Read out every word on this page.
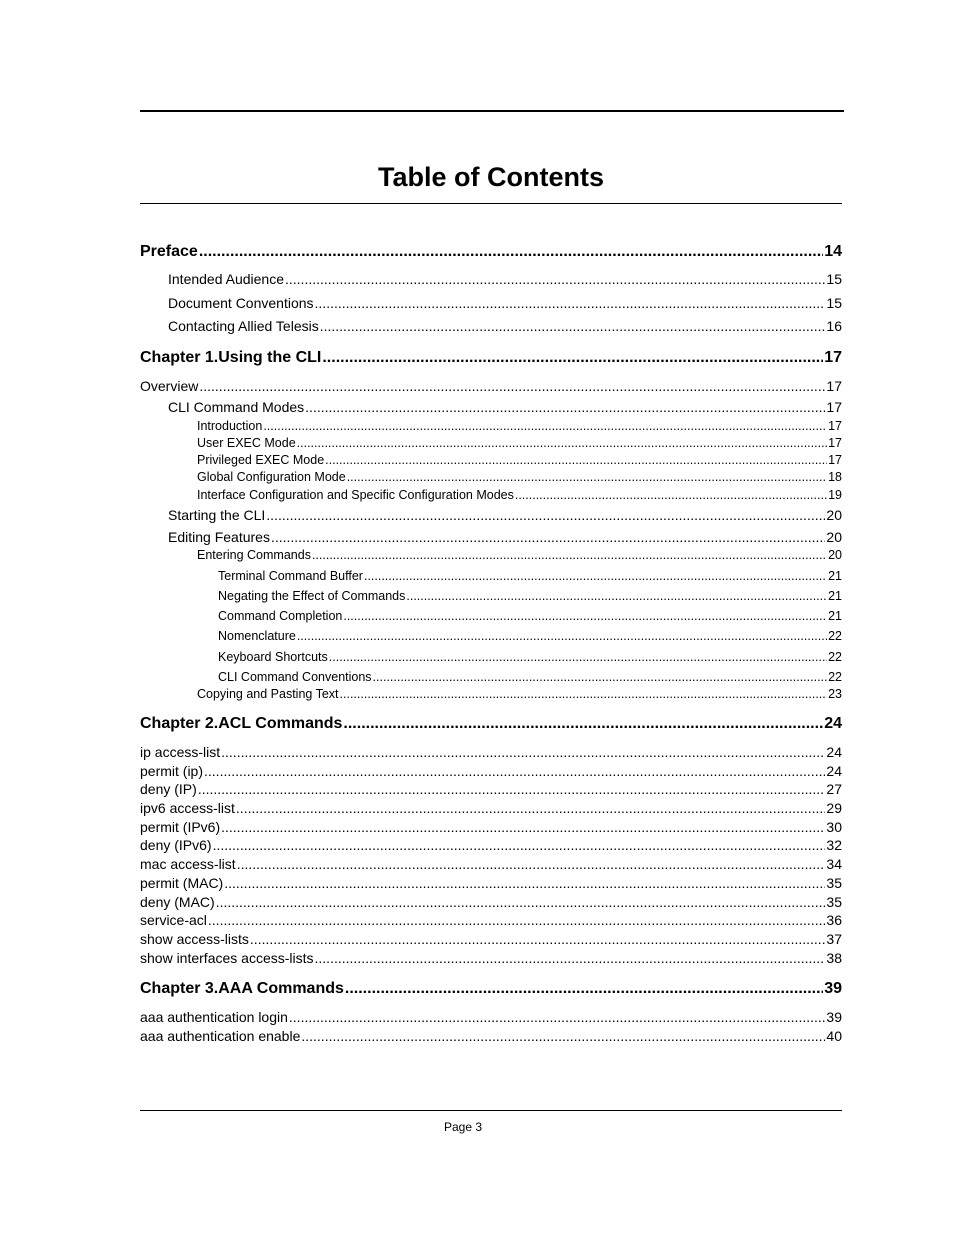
Table of Contents
Preface .....	14
Intended Audience .....	15
Document Conventions .....	15
Contacting Allied Telesis .....	16
Chapter 1.Using the CLI .....	17
Overview .....	17
CLI Command Modes .....	17
Introduction .....	17
User EXEC Mode .....	17
Privileged EXEC Mode .....	17
Global Configuration Mode .....	18
Interface Configuration and Specific Configuration Modes .....	19
Starting the CLI .....	20
Editing Features .....	20
Entering Commands .....	20
Terminal Command Buffer .....	21
Negating the Effect of Commands .....	21
Command Completion .....	21
Nomenclature .....	22
Keyboard Shortcuts .....	22
CLI Command Conventions .....	22
Copying and Pasting Text .....	23
Chapter 2.ACL Commands .....	24
ip access-list .....	24
permit (ip) .....	24
deny (IP) .....	27
ipv6 access-list .....	29
permit (IPv6) .....	30
deny (IPv6) .....	32
mac access-list .....	34
permit (MAC) .....	35
deny (MAC) .....	35
service-acl .....	36
show access-lists .....	37
show interfaces access-lists .....	38
Chapter 3.AAA Commands .....	39
aaa authentication login .....	39
aaa authentication enable .....	40
Page 3
